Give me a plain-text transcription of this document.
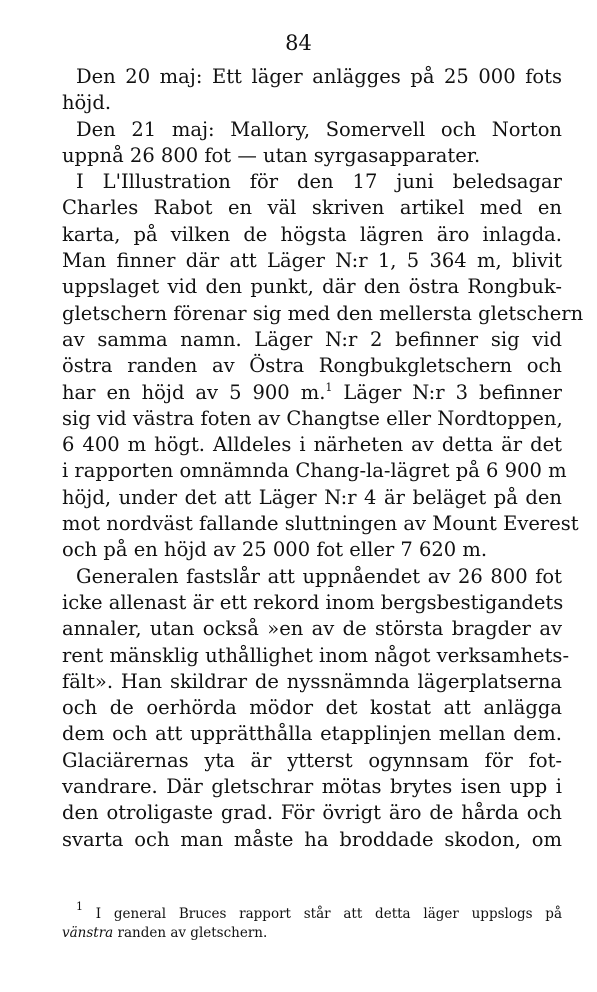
84
Den 20 maj: Ett läger anlägges på 25 000 fots
höjd.
Den 21 maj: Mallory, Somervell och Norton
uppnå 26 800 fot — utan syrgasapparater.
I L'Illustration för den 17 juni beledsagar
Charles Rabot en väl skriven artikel med en
karta, på vilken de högsta lägren äro inlagda.
Man finner där att Läger N:r 1, 5 364 m, blivit
uppslaget vid den punkt, där den östra Rongbuk-
gletschern förenar sig med den mellersta gletschern
av samma namn. Läger N:r 2 befinner sig vid
östra randen av Östra Rongbukgletschern och
har en höjd av 5 900 m.$^1$ Läger N:r 3 befinner
sig vid västra foten av Changtse eller Nordtoppen,
6 400 m högt. Alldeles i närheten av detta är det
i rapporten omnämnda Chang-la-lägret på 6 900 m
höjd, under det att Läger N:r 4 är beläget på den
mot nordväst fallande sluttningen av Mount Everest
och på en höjd av 25 000 fot eller 7 620 m.
Generalen fastslår att uppnåendet av 26 800 fot
icke allenast är ett rekord inom bergsbestigandets
annaler, utan också »en av de största bragder av
rent mänsklig uthållighet inom något verksamhets-
fält». Han skildrar de nyssnämnda lägerplatserna
och de oerhörda mödor det kostat att anlägga
dem och att upprätthålla etapplinjen mellan dem.
Glaciärernas yta är ytterst ogynnsam för fot-
vandrare. Där gletschrar mötas brytes isen upp i
den otroligaste grad. För övrigt äro de hårda och
svarta och man måste ha broddade skodon, om
$^1$ I general Bruces rapport står att detta läger uppslogs på
vänstra randen av gletschern.
